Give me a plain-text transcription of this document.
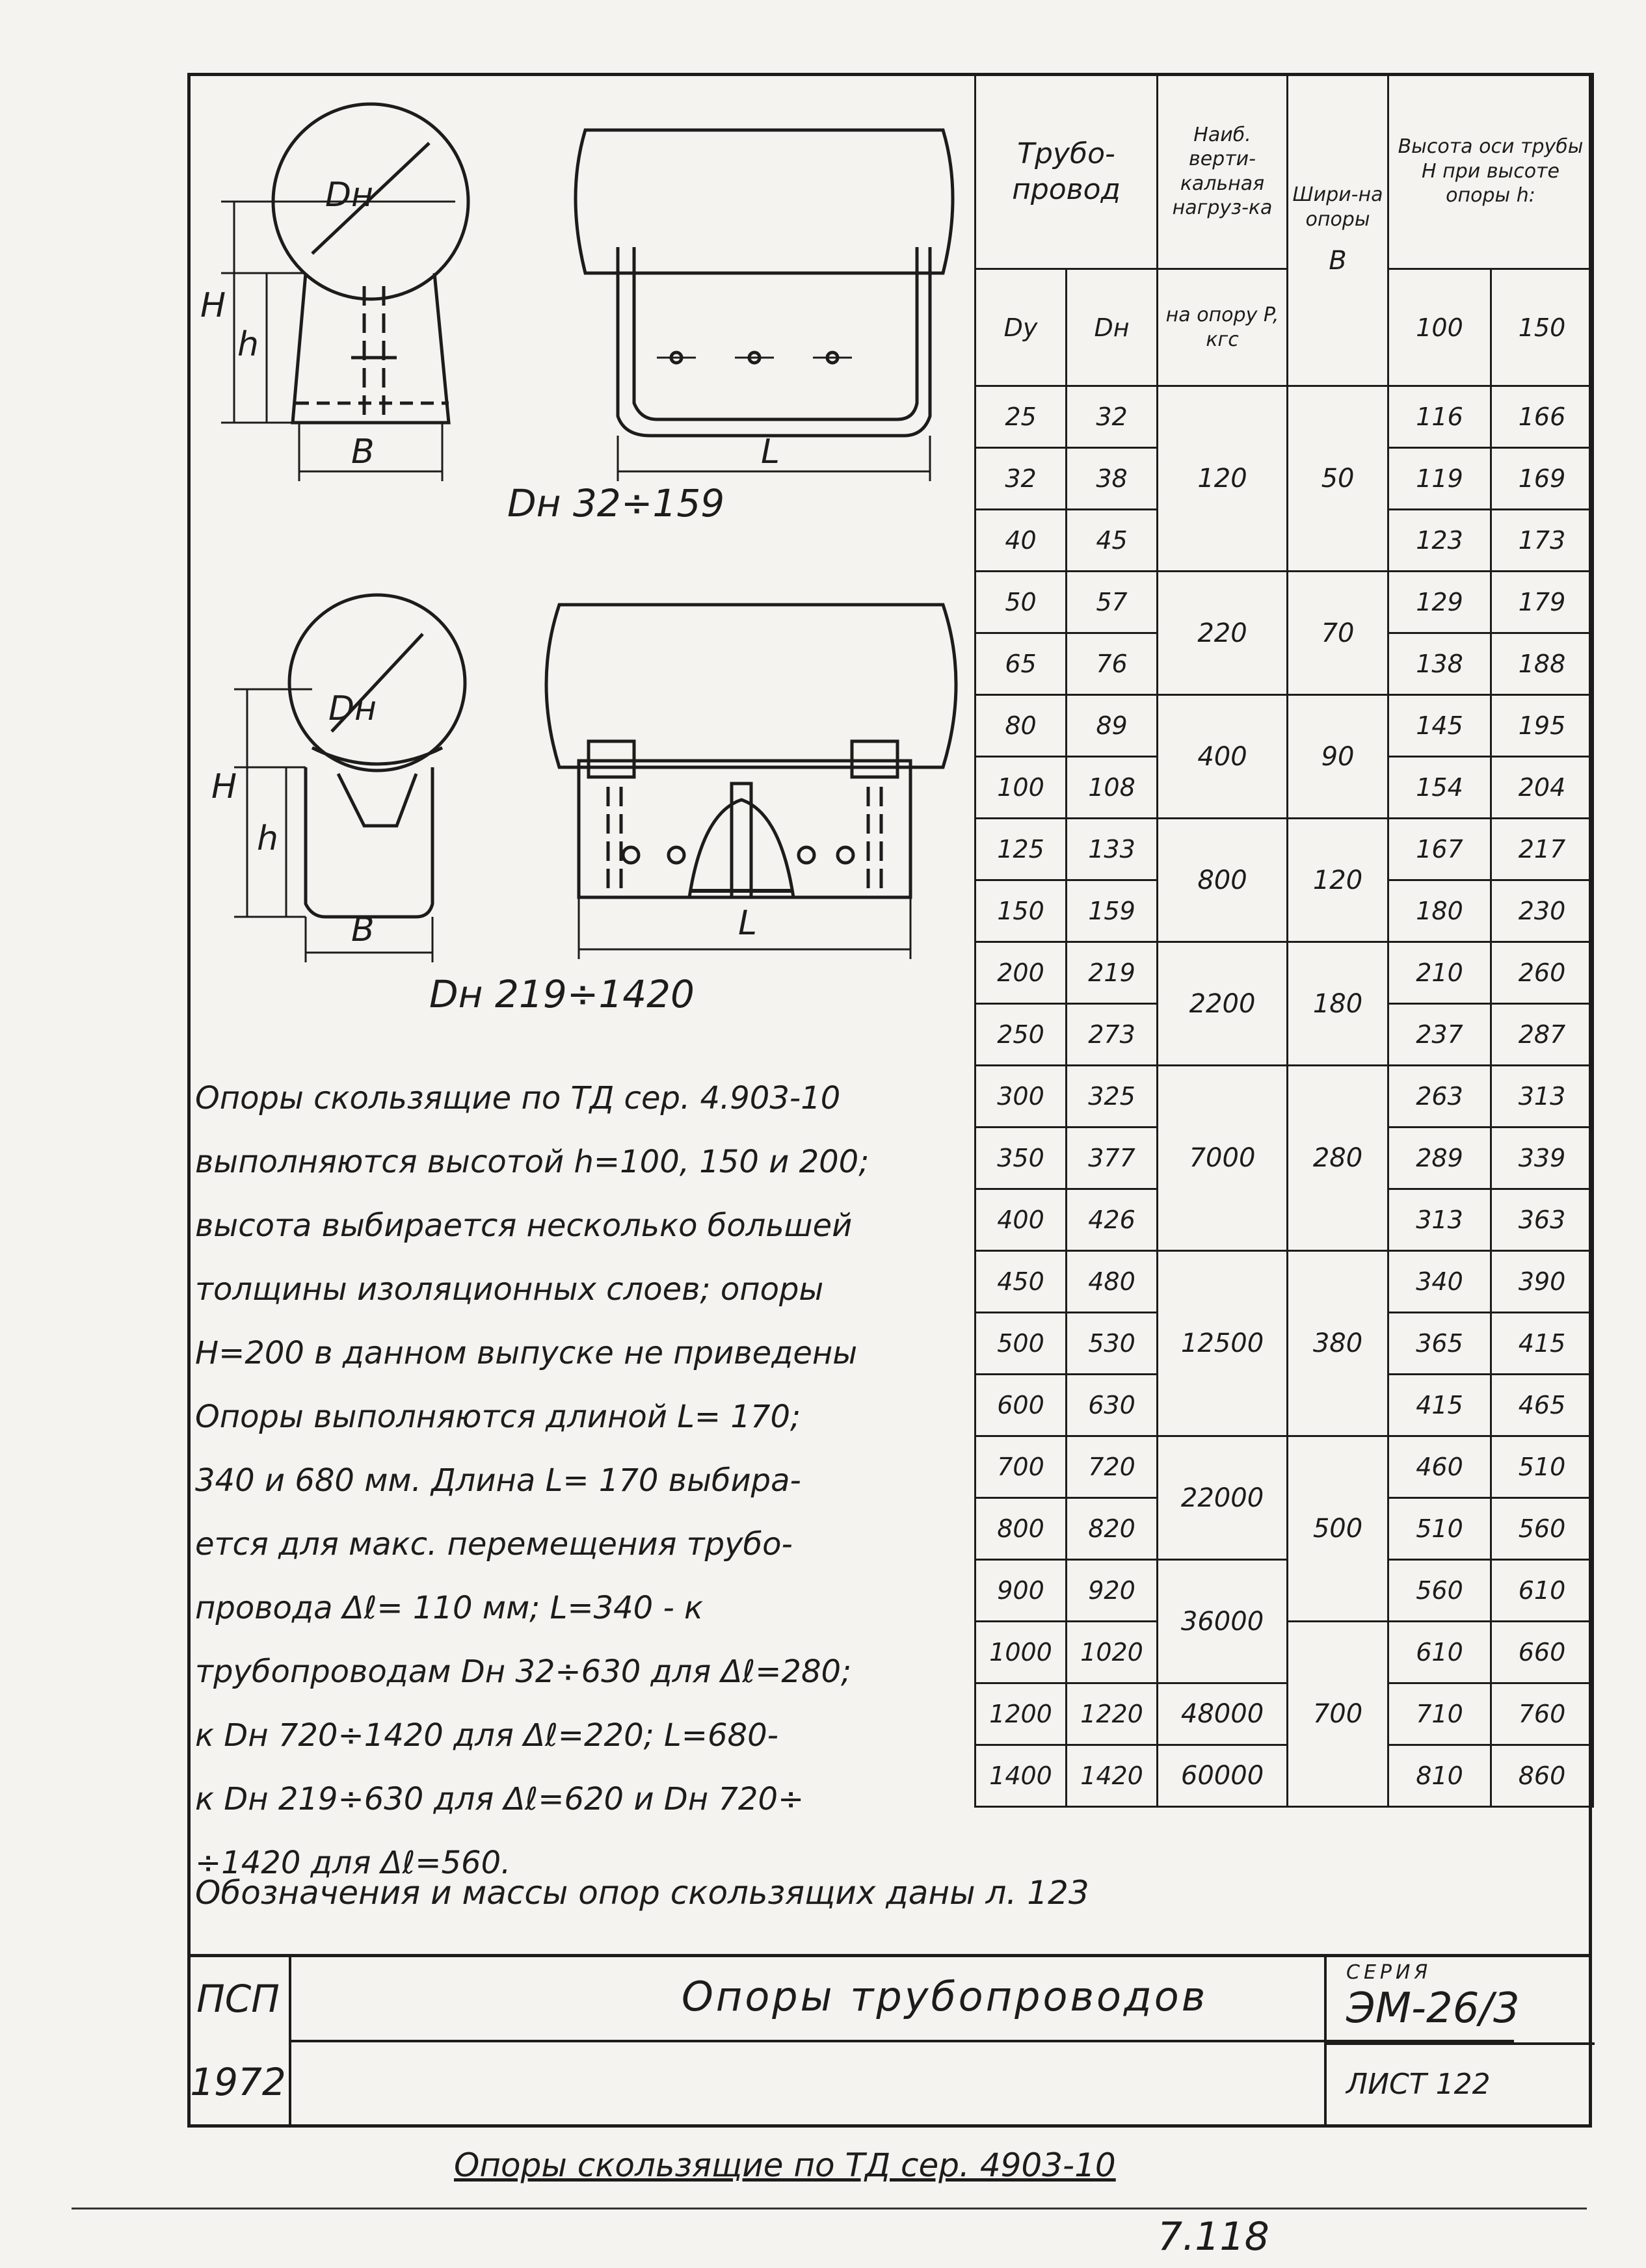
Dн
H
h
B	L
Dн 32÷159
Dн
H
h
B	L
Dн 219÷1420
Трубо-провод		Наиб. верти-кальная нагруз-ка	Шири-на опоры
B	Высота оси трубы H при высоте опоры h:	
Dу	Dн	на опору P, кгс		100	150
25	32	120	50	116	166
32	38			119	169
40	45			123	173
50	57	220	70	129	179
65	76			138	188
80	89	400	90	145	195
100	108			154	204
125	133	800	120	167	217
150	159			180	230
200	219	2200	180	210	260
250	273			237	287
300	325	7000	280	263	313
350	377			289	339
400	426			313	363
450	480	12500	380	340	390
500	530			365	415
600	630			415	465
700	720	22000	500	460	510
800	820			510	560
900	920	36000		560	610
1000	1020		700	610	660
1200	1220	48000		710	760
1400	1420	60000		810	860

Опоры скользящие по ТД сер. 4.903-10

выполняются высотой h=100, 150 и 200;

высота выбирается несколько большей

толщины изоляционных слоев; опоры

H=200 в данном выпуске не приведены

Опоры выполняются длиной L= 170;

340 и 680 мм. Длина L= 170 выбира-

ется для макс. перемещения трубо-

провода Δℓ= 110 мм; L=340 - к

трубопроводам Dн 32÷630 для Δℓ=280;

к Dн 720÷1420 для Δℓ=220; L=680-

к Dн 219÷630 для Δℓ=620 и Dн 720÷

÷1420 для Δℓ=560.

Обозначения и массы опор скользящих даны л. 123
ПСП
1972
Опоры трубопроводов
Опоры скользящие по ТД сер. 4903-10
СЕРИЯ
ЭМ-26/3
ЛИСТ 122
7.118
